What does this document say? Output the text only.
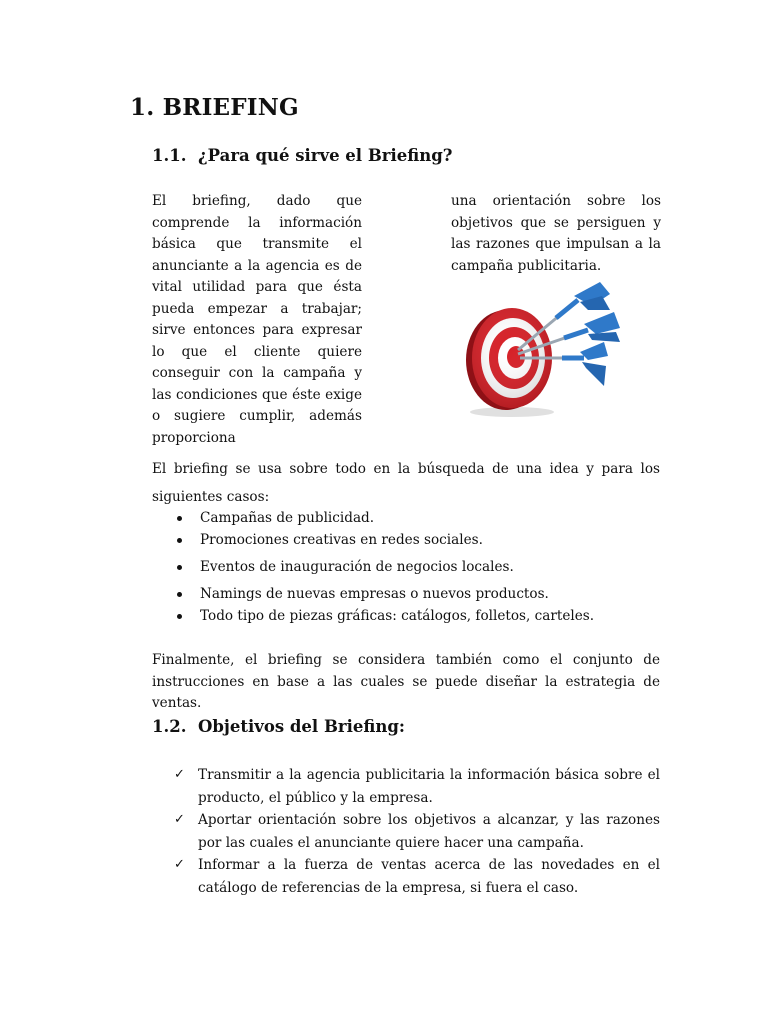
1. BRIEFING
1.1. ¿Para qué sirve el Briefing?

El briefing, dado que comprende la información básica que transmite el anunciante a la agencia es de vital utilidad para que ésta pueda empezar a trabajar; sirve entonces para expresar lo que el cliente quiere conseguir con la campaña y las condiciones que éste exige o sugiere cumplir, además proporciona

una orientación sobre los objetivos que se persiguen y las razones que impulsan a la campaña publicitaria.

El briefing se usa sobre todo en la búsqueda de una idea y para los siguientes casos:

Campañas de publicidad.
Promociones creativas en redes sociales.
Eventos de inauguración de negocios locales.
Namings de nuevas empresas o nuevos productos.
Todo tipo de piezas gráficas: catálogos, folletos, carteles.

Finalmente, el briefing se considera también como el conjunto de instrucciones en base a las cuales se puede diseñar la estrategia de ventas.

1.2. Objetivos del Briefing:
✓ Transmitir a la agencia publicitaria la información básica sobre el producto, el público y la empresa.
✓ Aportar orientación sobre los objetivos a alcanzar, y las razones por las cuales el anunciante quiere hacer una campaña.
✓ Informar a la fuerza de ventas acerca de las novedades en el catálogo de referencias de la empresa, si fuera el caso.
